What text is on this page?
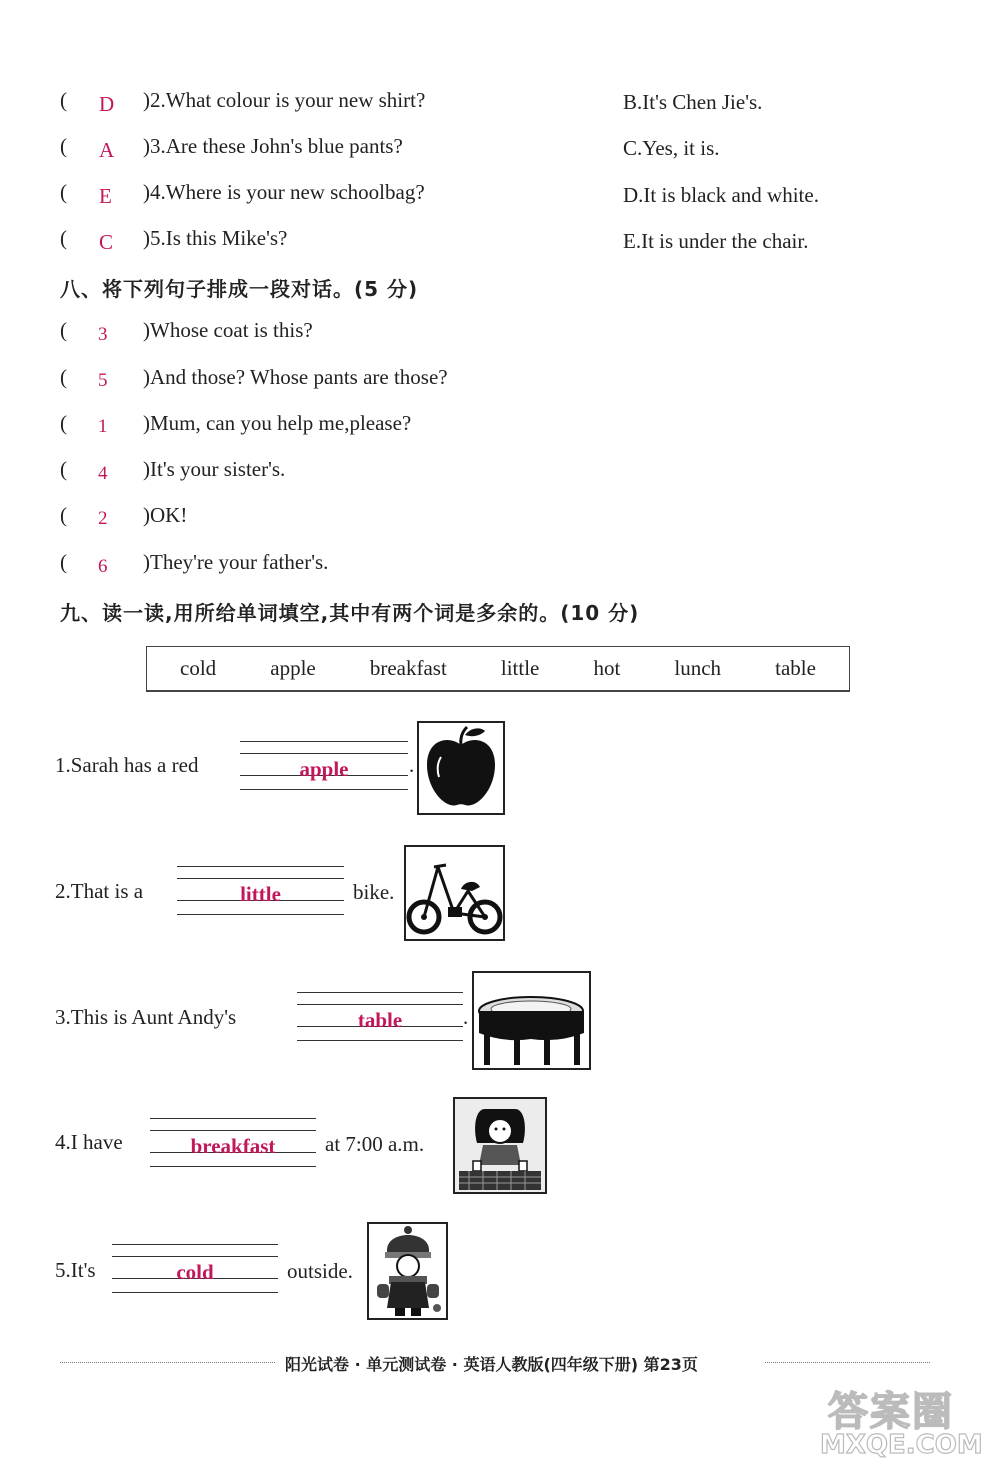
( D )2.What colour is your new shirt?	B.It's Chen Jie's.
( A )3.Are these John's blue pants?	C.Yes, it is.
( E )4.Where is your new schoolbag?	D.It is black and white.
( C )5.Is this Mike's?	E.It is under the chair.
八、将下列句子排成一段对话。(5 分)
( 3 )Whose coat is this?
( 5 )And those? Whose pants are those?
( 1 )Mum, can you help me,please?
( 4 )It's your sister's.
( 2 )OK!
( 6 )They're your father's.
九、读一读,用所给单词填空,其中有两个词是多余的。(10 分)
cold	apple	breakfast	little	hot	lunch	table
1.Sarah has a red	apple	.
2.That is a	little	bike.
3.This is Aunt Andy's	table	.
4.I have	breakfast	at 7:00 a.m.
5.It's	cold	outside.
阳光试卷 · 单元测试卷 · 英语人教版(四年级下册) 第23页
答案圈
MXQE.COM
